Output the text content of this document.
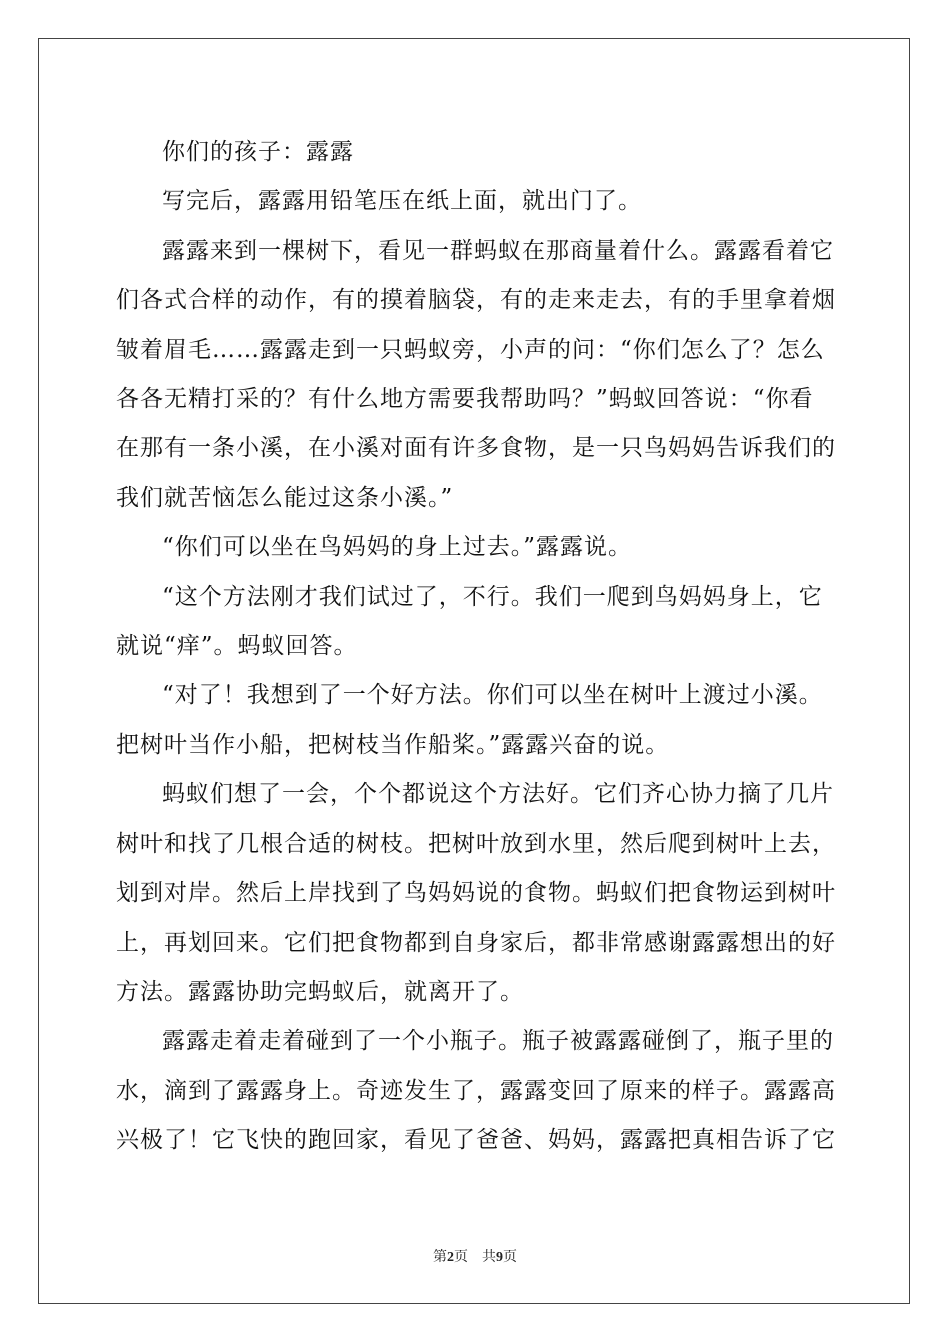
你们的孩子：露露

写完后，露露用铅笔压在纸上面，就出门了。

露露来到一棵树下，看见一群蚂蚁在那商量着什么。露露看着它
们各式合样的动作，有的摸着脑袋，有的走来走去，有的手里拿着烟
皱着眉毛……露露走到一只蚂蚁旁，小声的问：“你们怎么了？怎么
各各无精打采的？有什么地方需要我帮助吗？”蚂蚁回答说：“你看
在那有一条小溪，在小溪对面有许多食物，是一只鸟妈妈告诉我们的
我们就苦恼怎么能过这条小溪。”

“你们可以坐在鸟妈妈的身上过去。”露露说。

“这个方法刚才我们试过了，不行。我们一爬到鸟妈妈身上，它
就说“痒”。蚂蚁回答。

“对了！我想到了一个好方法。你们可以坐在树叶上渡过小溪。
把树叶当作小船，把树枝当作船桨。”露露兴奋的说。

蚂蚁们想了一会，个个都说这个方法好。它们齐心协力摘了几片
树叶和找了几根合适的树枝。把树叶放到水里，然后爬到树叶上去，
划到对岸。然后上岸找到了鸟妈妈说的食物。蚂蚁们把食物运到树叶
上，再划回来。它们把食物都到自身家后，都非常感谢露露想出的好
方法。露露协助完蚂蚁后，就离开了。

露露走着走着碰到了一个小瓶子。瓶子被露露碰倒了，瓶子里的
水，滴到了露露身上。奇迹发生了，露露变回了原来的样子。露露高
兴极了！它飞快的跑回家，看见了爸爸、妈妈，露露把真相告诉了它

第2页 共9页
